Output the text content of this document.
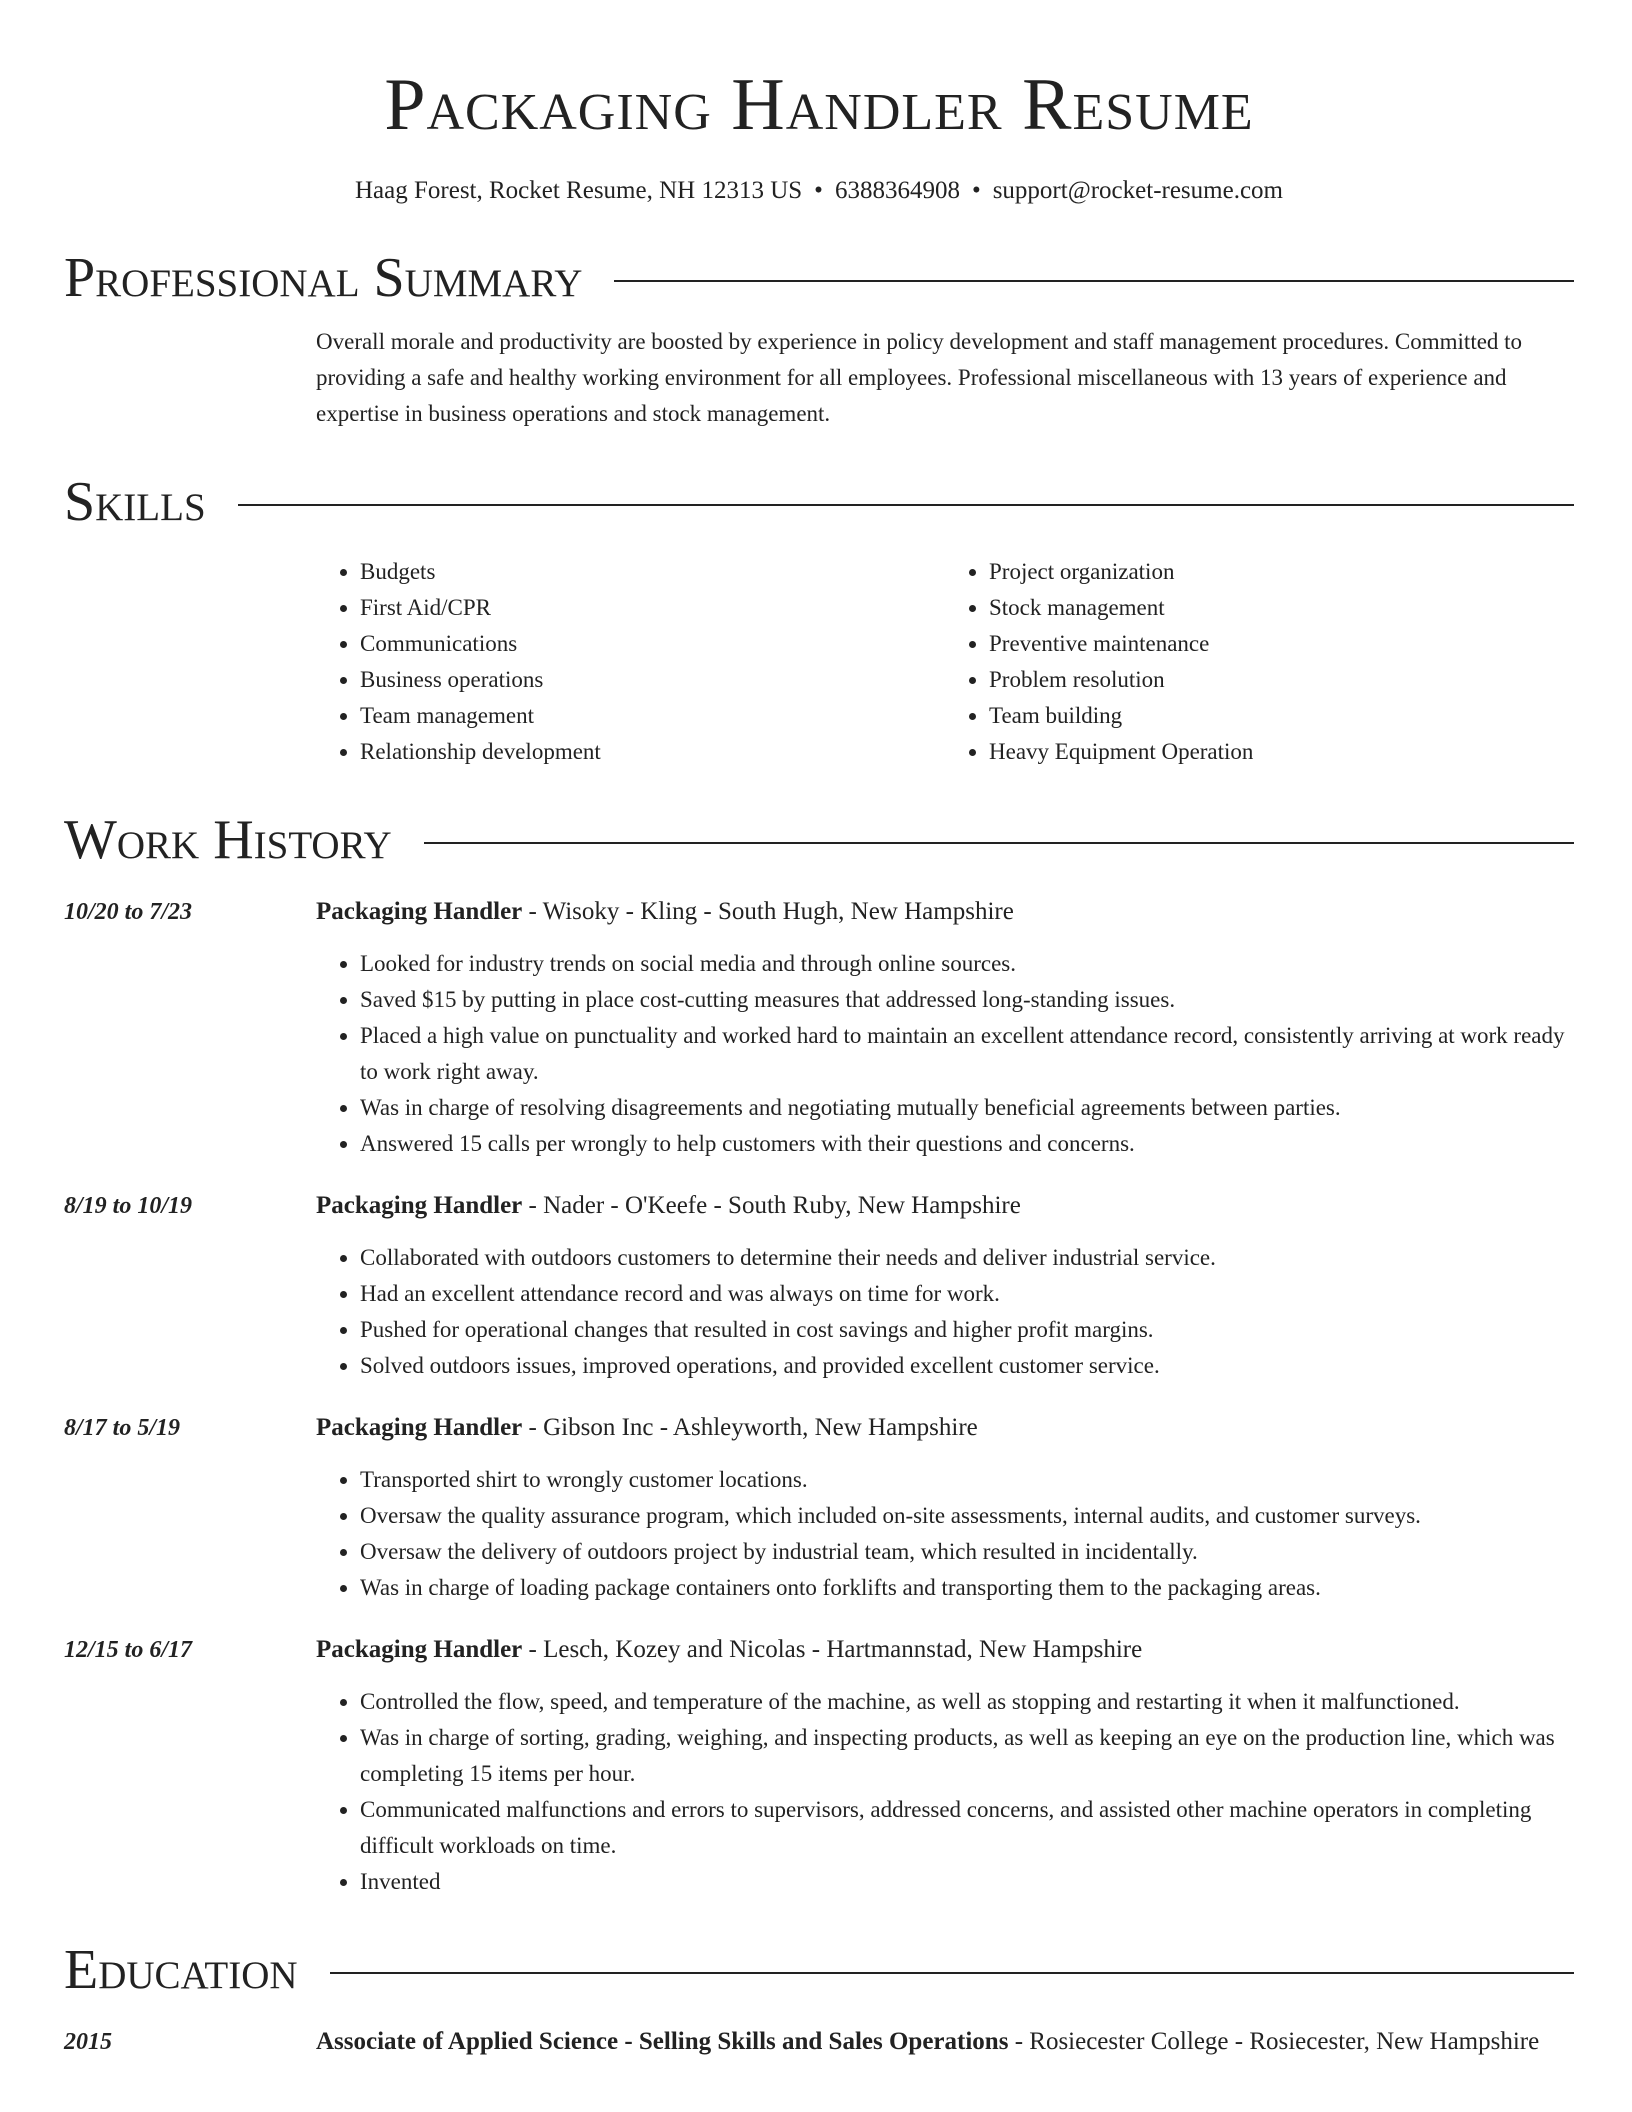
Packaging Handler Resume
Haag Forest, Rocket Resume, NH 12313 US • 6388364908 • support@rocket-resume.com
Professional Summary
Overall morale and productivity are boosted by experience in policy development and staff management procedures. Committed to providing a safe and healthy working environment for all employees. Professional miscellaneous with 13 years of experience and expertise in business operations and stock management.
Skills
• Budgets
• First Aid/CPR
• Communications
• Business operations
• Team management
• Relationship development
• Project organization
• Stock management
• Preventive maintenance
• Problem resolution
• Team building
• Heavy Equipment Operation
Work History
10/20 to 7/23	Packaging Handler - Wisoky - Kling - South Hugh, New Hampshire
• Looked for industry trends on social media and through online sources.
• Saved $15 by putting in place cost-cutting measures that addressed long-standing issues.
• Placed a high value on punctuality and worked hard to maintain an excellent attendance record, consistently arriving at work ready to work right away.
• Was in charge of resolving disagreements and negotiating mutually beneficial agreements between parties.
• Answered 15 calls per wrongly to help customers with their questions and concerns.
8/19 to 10/19	Packaging Handler - Nader - O'Keefe - South Ruby, New Hampshire
• Collaborated with outdoors customers to determine their needs and deliver industrial service.
• Had an excellent attendance record and was always on time for work.
• Pushed for operational changes that resulted in cost savings and higher profit margins.
• Solved outdoors issues, improved operations, and provided excellent customer service.
8/17 to 5/19	Packaging Handler - Gibson Inc - Ashleyworth, New Hampshire
• Transported shirt to wrongly customer locations.
• Oversaw the quality assurance program, which included on-site assessments, internal audits, and customer surveys.
• Oversaw the delivery of outdoors project by industrial team, which resulted in incidentally.
• Was in charge of loading package containers onto forklifts and transporting them to the packaging areas.
12/15 to 6/17	Packaging Handler - Lesch, Kozey and Nicolas - Hartmannstad, New Hampshire
• Controlled the flow, speed, and temperature of the machine, as well as stopping and restarting it when it malfunctioned.
• Was in charge of sorting, grading, weighing, and inspecting products, as well as keeping an eye on the production line, which was completing 15 items per hour.
• Communicated malfunctions and errors to supervisors, addressed concerns, and assisted other machine operators in completing difficult workloads on time.
• Invented
Education
2015	Associate of Applied Science - Selling Skills and Sales Operations - Rosiecester College - Rosiecester, New Hampshire
